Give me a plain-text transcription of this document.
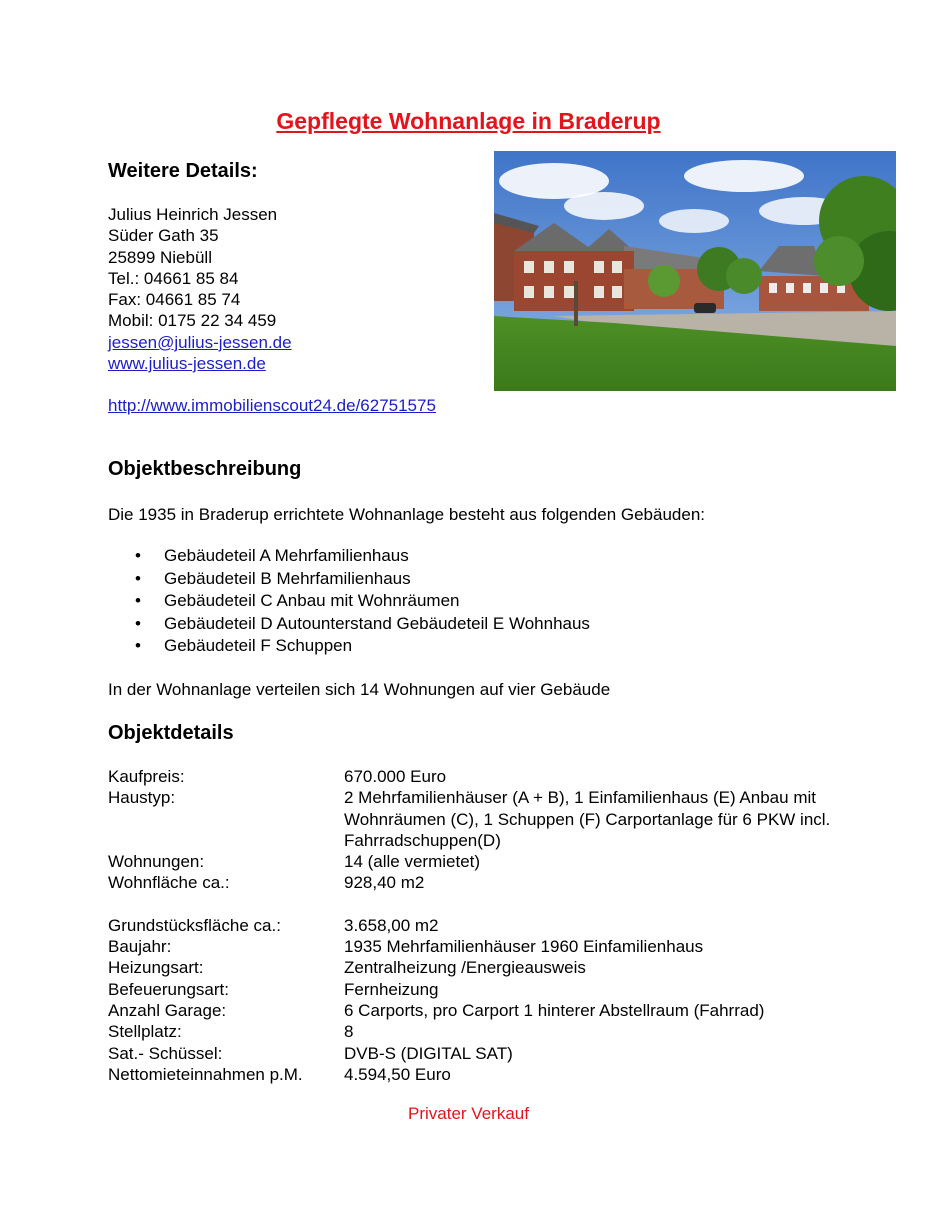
Gepflegte Wohnanlage in Braderup
Weitere Details:
Julius Heinrich Jessen
Süder Gath 35
25899 Niebüll
Tel.: 04661 85 84
Fax: 04661 85 74
Mobil: 0175 22 34 459
jessen@julius-jessen.de
www.julius-jessen.de
http://www.immobilienscout24.de/62751575
Objektbeschreibung
Die 1935 in Braderup errichtete Wohnanlage besteht aus folgenden Gebäuden:
• Gebäudeteil A Mehrfamilienhaus
• Gebäudeteil B Mehrfamilienhaus
• Gebäudeteil C Anbau mit Wohnräumen
• Gebäudeteil D Autounterstand Gebäudeteil E Wohnhaus
• Gebäudeteil F Schuppen
In der Wohnanlage verteilen sich 14 Wohnungen auf vier Gebäude
Objektdetails
Kaufpreis:	670.000 Euro
Haustyp:	2 Mehrfamilienhäuser (A + B), 1 Einfamilienhaus (E) Anbau mit Wohnräumen (C), 1 Schuppen (F) Carportanlage für 6 PKW incl. Fahrradschuppen(D)
Wohnungen:	14 (alle vermietet)
Wohnfläche ca.:	928,40 m2
Grundstücksfläche ca.:	3.658,00 m2
Baujahr:	1935 Mehrfamilienhäuser 1960 Einfamilienhaus
Heizungsart:	Zentralheizung /Energieausweis
Befeuerungsart:	Fernheizung
Anzahl Garage:	6 Carports, pro Carport 1 hinterer Abstellraum (Fahrrad)
Stellplatz:	8
Sat.- Schüssel:	DVB-S (DIGITAL SAT)
Nettomieteinnahmen p.M.	4.594,50 Euro
Privater Verkauf
